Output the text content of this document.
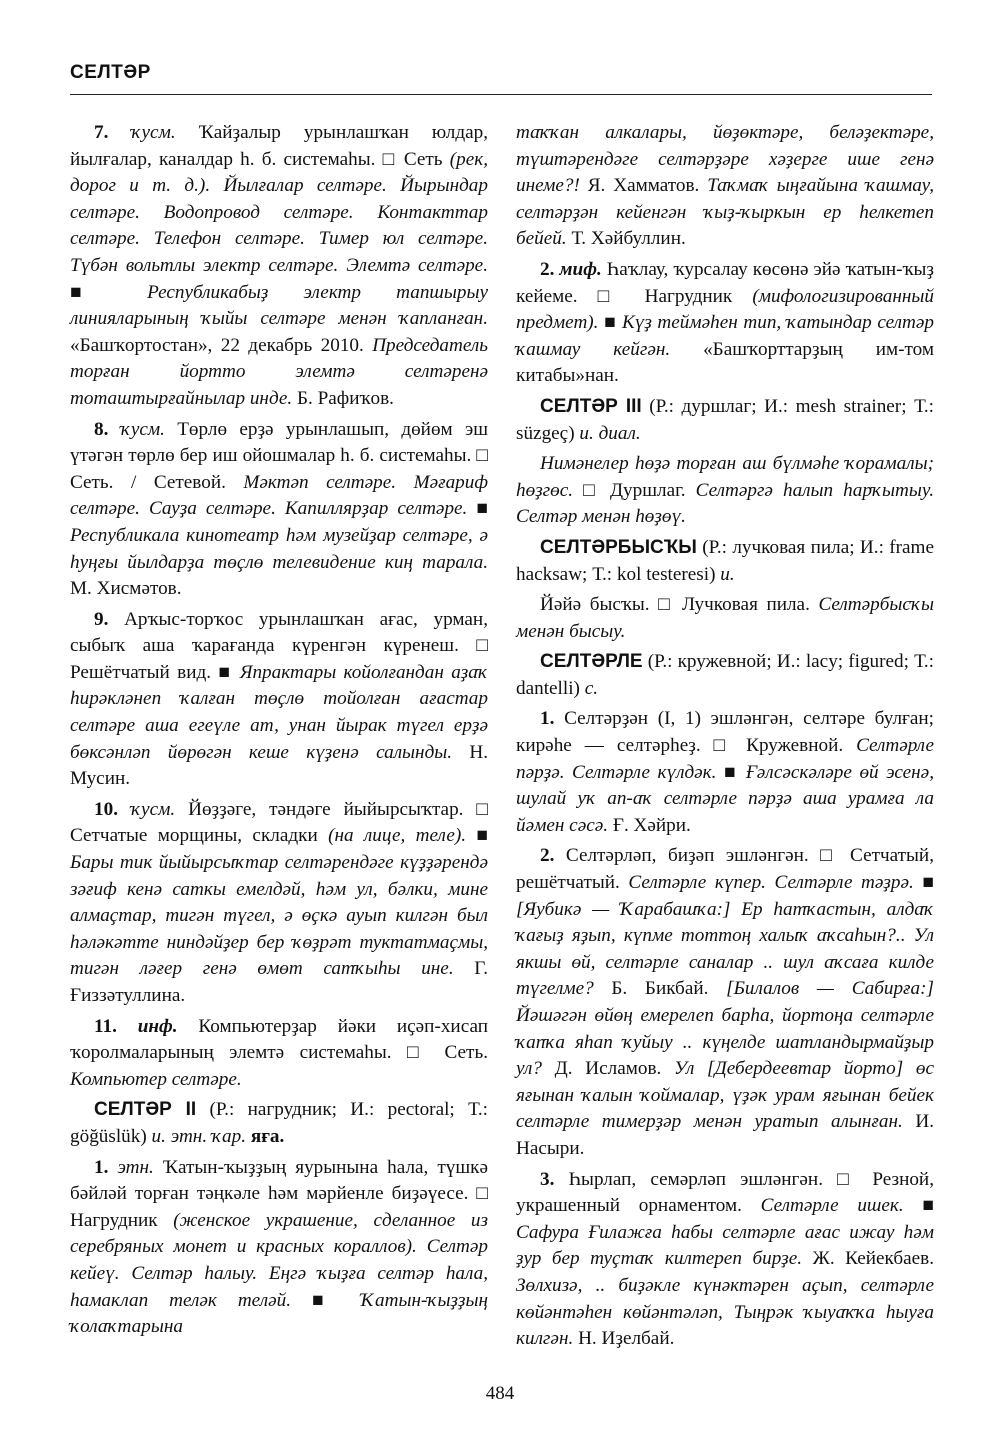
СЕЛТӘР

7. ҡусм. Ҡайҙалыр урынлашҡан юлдар, йылғалар, каналдар һ. б. системаһы. □ Сеть (рек, дорог и т. д.). Йылғалар селтәре. Йырындар селтәре. Водопровод селтәре. Контакттар селтәре. Телефон селтәре. Тимер юл селтәре. Түбән вольтлы электр селтәре. Элемтә селтәре. ■ Республикабыҙ электр тапшырыу линияларының ҡыйы селтәре менән ҡапланған. «Башҡортостан», 22 декабрь 2010. Председатель торған йорттo элемтә селтәренә тоташтырғайнылар инде. Б. Рафиҡов.

8. ҡусм. Төрлө ерҙә урынлашып, дөйөм эш үтәгән төрлө бер иш ойошмалар һ. б. системаһы. □ Сеть. / Сетевой. Мәктәп селтәре. Мәғариф селтәре. Сауҙа селтәре. Капиллярҙар селтәре. ■ Республикала кинотеатр һәм музейҙар селтәре, ә һуңғы йылдарҙа төҫлө телевидение киң тарала. М. Хисмәтов.

9. Арҡыс-торҡос урынлашҡан ағас, урман, сыбыҡ аша ҡарағанда күренгән күренеш. □ Решётчатый вид. ■ Япрактары койолғандан аҙаҡ һирәкләнеп ҡалған төҫлө тойолған ағастар селтәре аша егеүле ат, унан йырак түгел ерҙә бөксәнләп йөрөгән кеше күҙенә салынды. Н. Мусин.

10. ҡусм. Йөҙҙәге, тәндәге йыйырсыҡтар. □ Сетчатые морщины, складки (на лице, теле). ■ Бары тик йыйырсыҡтар селтәрендәге күҙҙәрендә зәғиф кенә саткы емелдәй, һәм ул, бәлки, мине алмаҫтар, тигән түгел, ә өҫкә ауып килгән был һәләкәтте ниндәйҙер бер ҡөҙрәт туктатмаҫмы, тигән ләғер генә өмөт сатҡыһы ине. Г. Ғиззәтуллина.

11. инф. Компьютерҙар йәки иҫәп-хисап ҡоролмаларының элемтә системаһы. □ Сеть. Компьютер селтәре.

СЕЛТӘР II (Р.: нагрудник; И.: pectoral; Т.: göğüslük) и. этн. ҡар. яға.

1. этн. Ҡатын-ҡыҙҙың яурынына һала, түшкә бәйләй торған тәңкәле һәм мәрйенле биҙәүесе. □ Нагрудник (женское украшение, сделанное из серебряных монет и красных кораллов). Селтәр кейеү. Селтәр һалыу. Еңгә ҡыҙға селтәр һала, һамаклап теләк теләй. ■ Ҡатын-ҡыҙҙың ҡолаҡтарына

таҡҡан алкалары, йөҙөктәре, беләҙектәре, түштәрендәге селтәрҙәре хәҙерге ише генә инеме?! Я. Хамматов. Таҡмаҡ ыңғайына ҡашмау, селтәрҙән кейенгән ҡыҙ-ҡыркын ер һелкетеп бейей. Т. Хәйбуллин.

2. миф. Һаҡлау, ҡурсалау көсөнә эйә ҡатын-ҡыҙ кейеме. □ Нагрудник (мифологизированный предмет). ■ Күҙ теймәһен тип, ҡатындар селтәр ҡашмау кейгән. «Башҡорттарҙың им-том китабы»нан.

СЕЛТӘР III (Р.: дуршлаг; И.: mesh strainer; Т.: süzgeç) и. диал.

Нимәнелер һөҙә торған аш бүлмәһе ҡорамалы; һөҙгөс. □ Дуршлаг. Селтәргә һалып һарҡытыу. Селтәр менән һөҙөү.

СЕЛТӘРБЫСҠЫ (Р.: лучковая пила; И.: frame hacksaw; Т.: kol testeresi) и.

Йәйә бысҡы. □ Лучковая пила. Селтәрбысҡы менән бысыу.

СЕЛТӘРЛЕ (Р.: кружевной; И.: lacy; figured; Т.: dantelli) с.

1. Селтәрҙән (I, 1) эшләнгән, селтәре булған; кирәһе — селтәрһеҙ. □ Кружевной. Селтәрле пәрҙә. Селтәрле күлдәк. ■ Ғәлсәскәләре өй эсенә, шулай уҡ ап-аҡ селтәрле пәрҙә аша урамға ла йәмен сәсә. Ғ. Хәйри.

2. Селтәрләп, биҙәп эшләнгән. □ Сетчатый, решётчатый. Селтәрле күпер. Селтәрле тәҙрә. ■ [Яубикә — Ҡарабашҡа:] Ер һатҡастын, алдаҡ ҡағыҙ яҙып, күпме тоттоң халыҡ аҡсаһын?.. Ул якшы өй, селтәрле саналар .. шул аҡсаға килде түгелме? Б. Бикбай. [Билалов — Сабирға:] Йәшәгән өйөң емерелеп барһа, йортоңа селтәрле ҡапҡа яһап ҡуйыу .. күңелде шатландырмайҙыр ул? Д. Исламов. Ул [Дебердеевтар йорто] өс яғынан ҡалын ҡоймалар, үҙәк урам яғынан бейек селтәрле тимерҙәр менән уратып алынған. И. Насыри.

3. Һырлап, семәрләп эшләнгән. □ Резной, украшенный орнаментом. Селтәрле ишек. ■ Сафура Ғилажға һабы селтәрле ағас ижау һәм ҙур бер туҫтаҡ килтереп бирҙе. Ж. Кейекбаев. Зөлхизә, .. биҙәкле күнәктәрен аҫып, селтәрле көйәнтәһен көйәнтәләп, Тыңрәк ҡыуаҡҡа һыуға килгән. Н. Иҙелбай.

484
